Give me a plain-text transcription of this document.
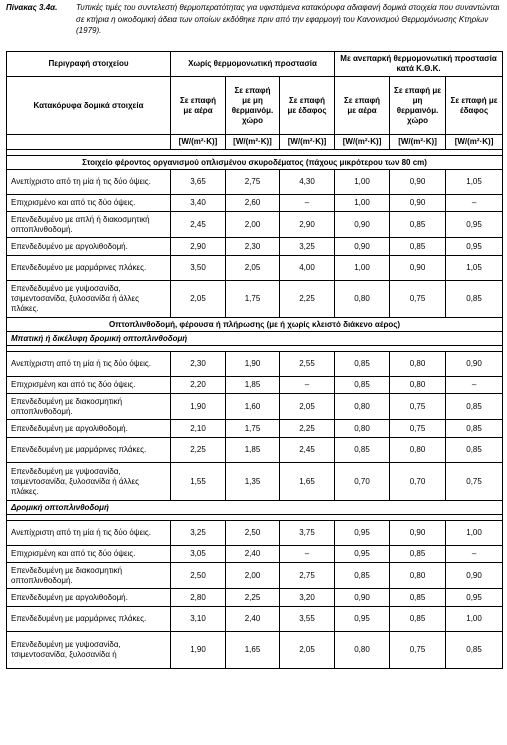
Πίνακας 3.4α. Τυπικές τιμές του συντελεστή θερμοπερατότητας για υφιστάμενα κατακόρυφα αδιαφανή δομικά στοιχεία που συναντώνται σε κτήρια η οικοδομική άδεια των οποίων εκδόθηκε πριν από την εφαρμογή του Κανονισμού Θερμομόνωσης Κτηρίων (1979).
Περιγραφή στοιχείου	Χωρίς θερμομονωτική προστασία			Με ανεπαρκή θερμομονωτική προστασία κατά Κ.Θ.Κ.		
Κατακόρυφα δομικά στοιχεία	Σε επαφή με αέρα	Σε επαφή με μη θερμαινόμ. χώρο	Σε επαφή με έδαφος	Σε επαφή με αέρα	Σε επαφή με μη θερμαινόμ. χώρο	Σε επαφή με έδαφος
	[W/(m²·K)]	[W/(m²·K)]	[W/(m²·K)]	[W/(m²·K)]	[W/(m²·K)]	[W/(m²·K)]

Στοιχείο φέροντος οργανισμού οπλισμένου σκυροδέματος (πάχους μικρότερου των 80 cm)						
Ανεπίχριστο από τη μία ή τις δύο όψεις.	3,65	2,75	4,30	1,00	0,90	1,05
Επιχρισμένο και από τις δύο όψεις.	3,40	2,60	–	1,00	0,90	–
Επενδεδυμένο με απλή ή διακοσμητική οπτοπλινθοδομή.	2,45	2,00	2,90	0,90	0,85	0,95
Επενδεδυμένο με αργολιθοδομή.	2,90	2,30	3,25	0,90	0,85	0,95
Επενδεδυμένο με μαρμάρινες πλάκες.	3,50	2,05	4,00	1,00	0,90	1,05
Επενδεδυμένο με γυψοσανίδα, τσιμεντοσανίδα, ξυλοσανίδα ή άλλες πλάκες.	2,05	1,75	2,25	0,80	0,75	0,85
Οπτοπλινθοδομή, φέρουσα ή πλήρωσης (με ή χωρίς κλειστό διάκενο αέρος)						
Μπατική ή δικέλυφη δρομική οπτοπλινθοδομή						

Ανεπίχριστη από τη μία ή τις δύο όψεις.	2,30	1,90	2,55	0,85	0,80	0,90
Επιχρισμένη και από τις δύο όψεις.	2,20	1,85	–	0,85	0,80	–
Επενδεδυμένη με διακοσμητική οπτοπλινθοδομή.	1,90	1,60	2,05	0,80	0,75	0,85
Επενδεδυμένη με αργολιθοδομή.	2,10	1,75	2,25	0,80	0,75	0,85
Επενδεδυμένη με μαρμάρινες πλάκες.	2,25	1,85	2,45	0,85	0,80	0,85
Επενδεδυμένη με γυψοσανίδα, τσιμεντοσανίδα, ξυλοσανίδα ή άλλες πλάκες.	1,55	1,35	1,65	0,70	0,70	0,75
Δρομική οπτοπλινθοδομή						

Ανεπίχριστη από τη μία ή τις δύο όψεις.	3,25	2,50	3,75	0,95	0,90	1,00
Επιχρισμένη και από τις δύο όψεις.	3,05	2,40	–	0,95	0,85	–
Επενδεδυμένη με διακοσμητική οπτοπλινθοδομή.	2,50	2,00	2,75	0,85	0,80	0,90
Επενδεδυμένη με αργολιθοδομή.	2,80	2,25	3,20	0,90	0,85	0,95
Επενδεδυμένη με μαρμάρινες πλάκες.	3,10	2,40	3,55	0,95	0,85	1,00
Επενδεδυμένη με γυψοσανίδα, τσιμεντοσανίδα, ξυλοσανίδα ή	1,90	1,65	2,05	0,80	0,75	0,85
